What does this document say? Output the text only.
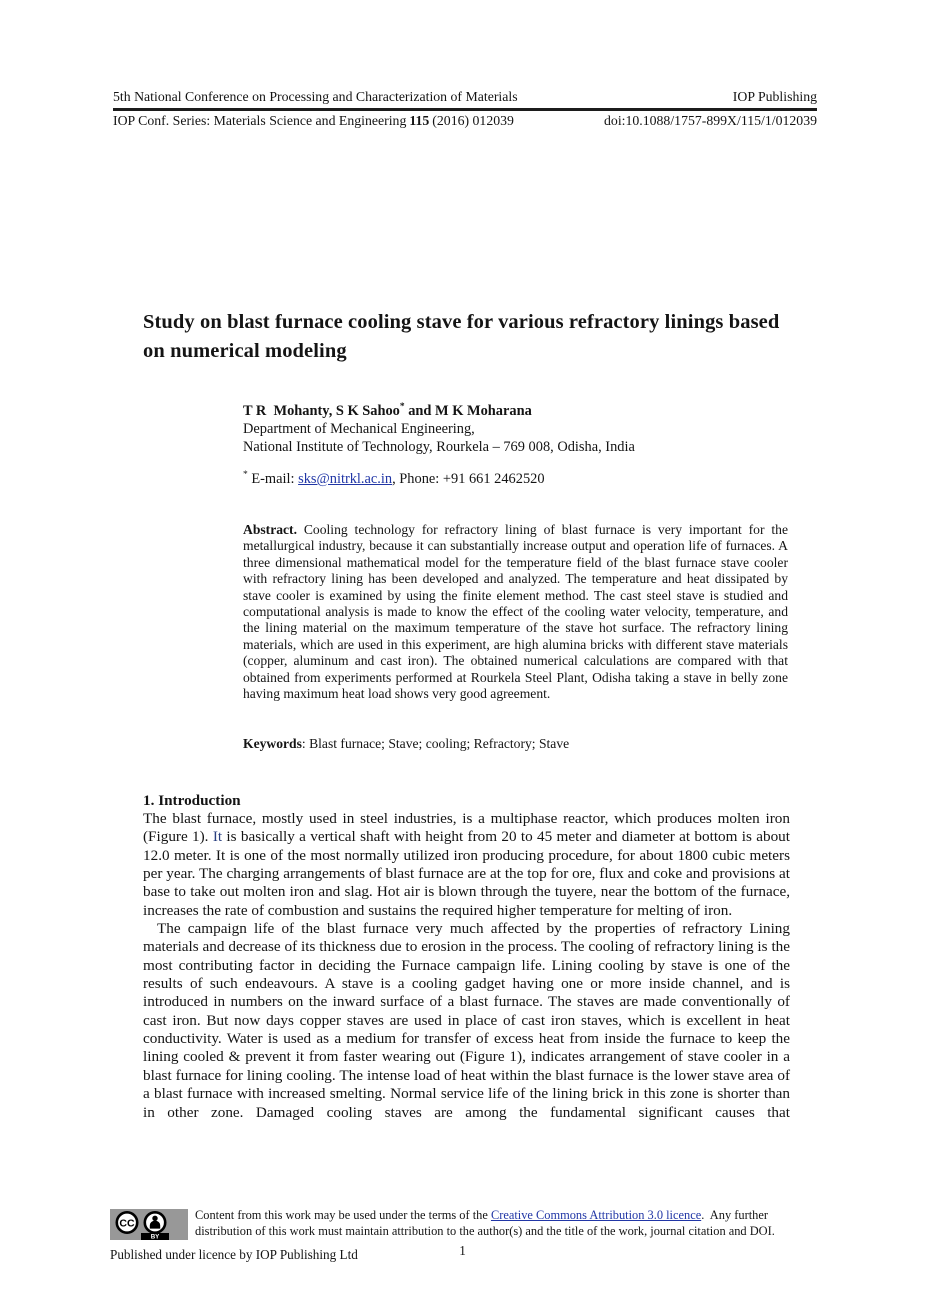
5th National Conference on Processing and Characterization of Materials	IOP Publishing
IOP Conf. Series: Materials Science and Engineering 115 (2016) 012039	doi:10.1088/1757-899X/115/1/012039
Study on blast furnace cooling stave for various refractory linings based on numerical modeling
T R  Mohanty, S K Sahoo* and M K Moharana
Department of Mechanical Engineering,
National Institute of Technology, Rourkela – 769 008, Odisha, India
* E-mail: sks@nitrkl.ac.in, Phone: +91 661 2462520
Abstract. Cooling technology for refractory lining of blast furnace is very important for the metallurgical industry, because it can substantially increase output and operation life of furnaces. A three dimensional mathematical model for the temperature field of the blast furnace stave cooler with refractory lining has been developed and analyzed. The temperature and heat dissipated by stave cooler is examined by using the finite element method. The cast steel stave is studied and computational analysis is made to know the effect of the cooling water velocity, temperature, and the lining material on the maximum temperature of the stave hot surface. The refractory lining materials, which are used in this experiment, are high alumina bricks with different stave materials (copper, aluminum and cast iron). The obtained numerical calculations are compared with that obtained from experiments performed at Rourkela Steel Plant, Odisha taking a stave in belly zone having maximum heat load shows very good agreement.
Keywords: Blast furnace; Stave; cooling; Refractory; Stave
1. Introduction

The blast furnace, mostly used in steel industries, is a multiphase reactor, which produces molten iron (Figure 1). It is basically a vertical shaft with height from 20 to 45 meter and diameter at bottom is about 12.0 meter. It is one of the most normally utilized iron producing procedure, for about 1800 cubic meters per year. The charging arrangements of blast furnace are at the top for ore, flux and coke and provisions at base to take out molten iron and slag. Hot air is blown through the tuyere, near the bottom of the furnace, increases the rate of combustion and sustains the required higher temperature for melting of iron.

The campaign life of the blast furnace very much affected by the properties of refractory Lining materials and decrease of its thickness due to erosion in the process. The cooling of refractory lining is the most contributing factor in deciding the Furnace campaign life. Lining cooling by stave is one of the results of such endeavours. A stave is a cooling gadget having one or more inside channel, and is introduced in numbers on the inward surface of a blast furnace. The staves are made conventionally of cast iron. But now days copper staves are used in place of cast iron staves, which is excellent in heat conductivity. Water is used as a medium for transfer of excess heat from inside the furnace to keep the lining cooled & prevent it from faster wearing out (Figure 1), indicates arrangement of stave cooler in a blast furnace for lining cooling. The intense load of heat within the blast furnace is the lower stave area of a blast furnace with increased smelting. Normal service life of the lining brick in this zone is shorter than in other zone. Damaged cooling staves are among the fundamental significant causes that

CC
BY
Content from this work may be used under the terms of the Creative Commons Attribution 3.0 licence.  Any further distribution of this work must maintain attribution to the author(s) and the title of the work, journal citation and DOI.
Published under licence by IOP Publishing Ltd	1
